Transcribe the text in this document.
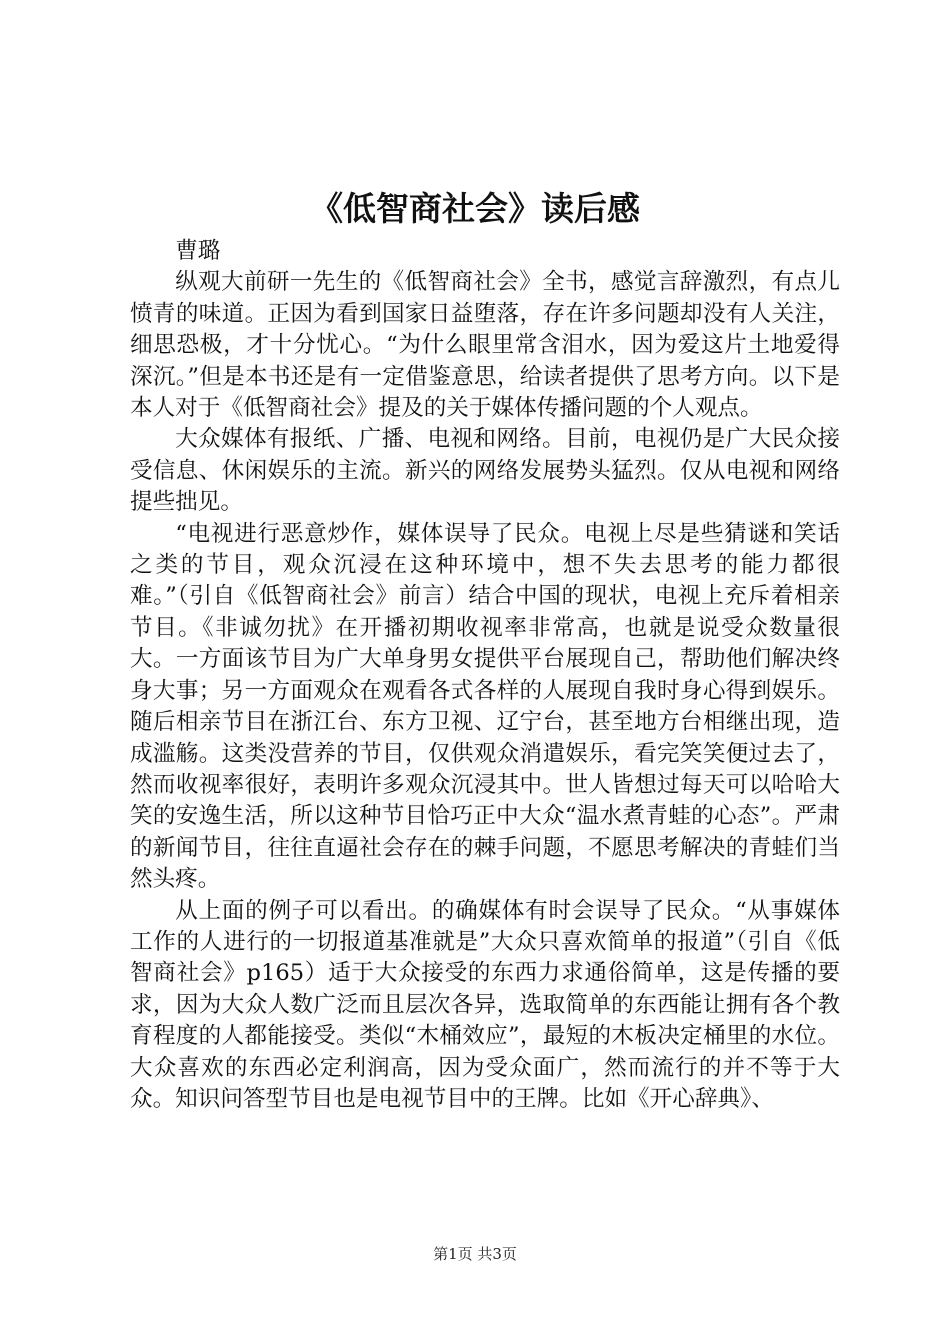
《低智商社会》读后感

曹璐

纵观大前研一先生的《低智商社会》全书，感觉言辞激烈，有点儿愤青的味道。正因为看到国家日益堕落，存在许多问题却没有人关注，细思恐极，才十分忧心。“为什么眼里常含泪水，因为爱这片土地爱得深沉。”但是本书还是有一定借鉴意思，给读者提供了思考方向。以下是本人对于《低智商社会》提及的关于媒体传播问题的个人观点。

大众媒体有报纸、广播、电视和网络。目前，电视仍是广大民众接受信息、休闲娱乐的主流。新兴的网络发展势头猛烈。仅从电视和网络提些拙见。

“电视进行恶意炒作，媒体误导了民众。电视上尽是些猜谜和笑话之类的节目，观众沉浸在这种环境中，想不失去思考的能力都很难。”（引自《低智商社会》前言）结合中国的现状，电视上充斥着相亲节目。《非诚勿扰》在开播初期收视率非常高，也就是说受众数量很大。一方面该节目为广大单身男女提供平台展现自己，帮助他们解决终身大事；另一方面观众在观看各式各样的人展现自我时身心得到娱乐。随后相亲节目在浙江台、东方卫视、辽宁台，甚至地方台相继出现，造成滥觞。这类没营养的节目，仅供观众消遣娱乐，看完笑笑便过去了，然而收视率很好，表明许多观众沉浸其中。世人皆想过每天可以哈哈大笑的安逸生活，所以这种节目恰巧正中大众“温水煮青蛙的心态”。严肃的新闻节目，往往直逼社会存在的棘手问题，不愿思考解决的青蛙们当然头疼。

从上面的例子可以看出。的确媒体有时会误导了民众。“从事媒体工作的人进行的一切报道基准就是”大众只喜欢简单的报道”（引自《低智商社会》p165）适于大众接受的东西力求通俗简单，这是传播的要求，因为大众人数广泛而且层次各异，选取简单的东西能让拥有各个教育程度的人都能接受。类似“木桶效应”，最短的木板决定桶里的水位。大众喜欢的东西必定利润高，因为受众面广，然而流行的并不等于大众。知识问答型节目也是电视节目中的王牌。比如《开心辞典》、

第1页 共3页
